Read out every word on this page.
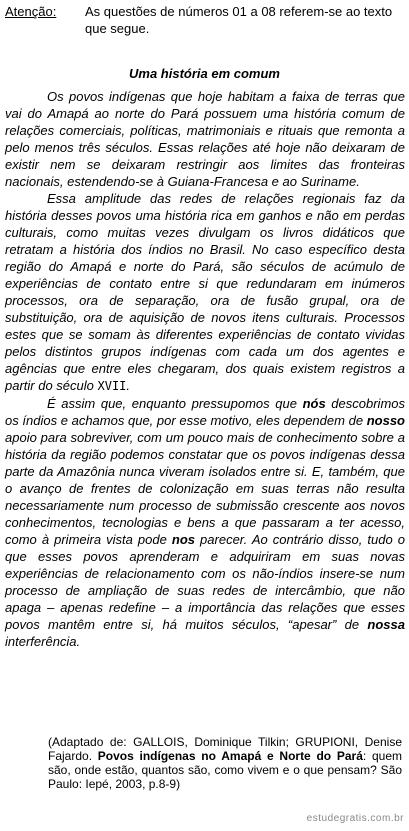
Atenção: As questões de números 01 a 08 referem-se ao texto que segue.
Uma história em comum

Os povos indígenas que hoje habitam a faixa de terras que vai do Amapá ao norte do Pará possuem uma história comum de relações comerciais, políticas, matrimoniais e rituais que remonta a pelo menos três séculos. Essas relações até hoje não deixaram de existir nem se deixaram restringir aos limites das fronteiras nacionais, estendendo-se à Guiana-Francesa e ao Suriname.

Essa amplitude das redes de relações regionais faz da história desses povos uma história rica em ganhos e não em perdas culturais, como muitas vezes divulgam os livros didáticos que retratam a história dos índios no Brasil. No caso específico desta região do Amapá e norte do Pará, são séculos de acúmulo de experiências de contato entre si que redundaram em inúmeros processos, ora de separação, ora de fusão grupal, ora de substituição, ora de aquisição de novos itens culturais. Processos estes que se somam às diferentes experiências de contato vividas pelos distintos grupos indígenas com cada um dos agentes e agências que entre eles chegaram, dos quais existem registros a partir do século XVII.

É assim que, enquanto pressupomos que nós descobrimos os índios e achamos que, por esse motivo, eles dependem de nosso apoio para sobreviver, com um pouco mais de conhecimento sobre a história da região podemos constatar que os povos indígenas dessa parte da Amazônia nunca viveram isolados entre si. E, também, que o avanço de frentes de colonização em suas terras não resulta necessariamente num processo de submissão crescente aos novos conhecimentos, tecnologias e bens a que passaram a ter acesso, como à primeira vista pode nos parecer. Ao contrário disso, tudo o que esses povos aprenderam e adquiriram em suas novas experiências de relacionamento com os não-índios insere-se num processo de ampliação de suas redes de intercâmbio, que não apaga – apenas redefine – a importância das relações que esses povos mantêm entre si, há muitos séculos, “apesar” de nossa interferência.

(Adaptado de: GALLOIS, Dominique Tilkin; GRUPIONI, Denise Fajardo. Povos indígenas no Amapá e Norte do Pará: quem são, onde estão, quantos são, como vivem e o que pensam? São Paulo: Iepé, 2003, p.8-9)
estudegratis.com.br
